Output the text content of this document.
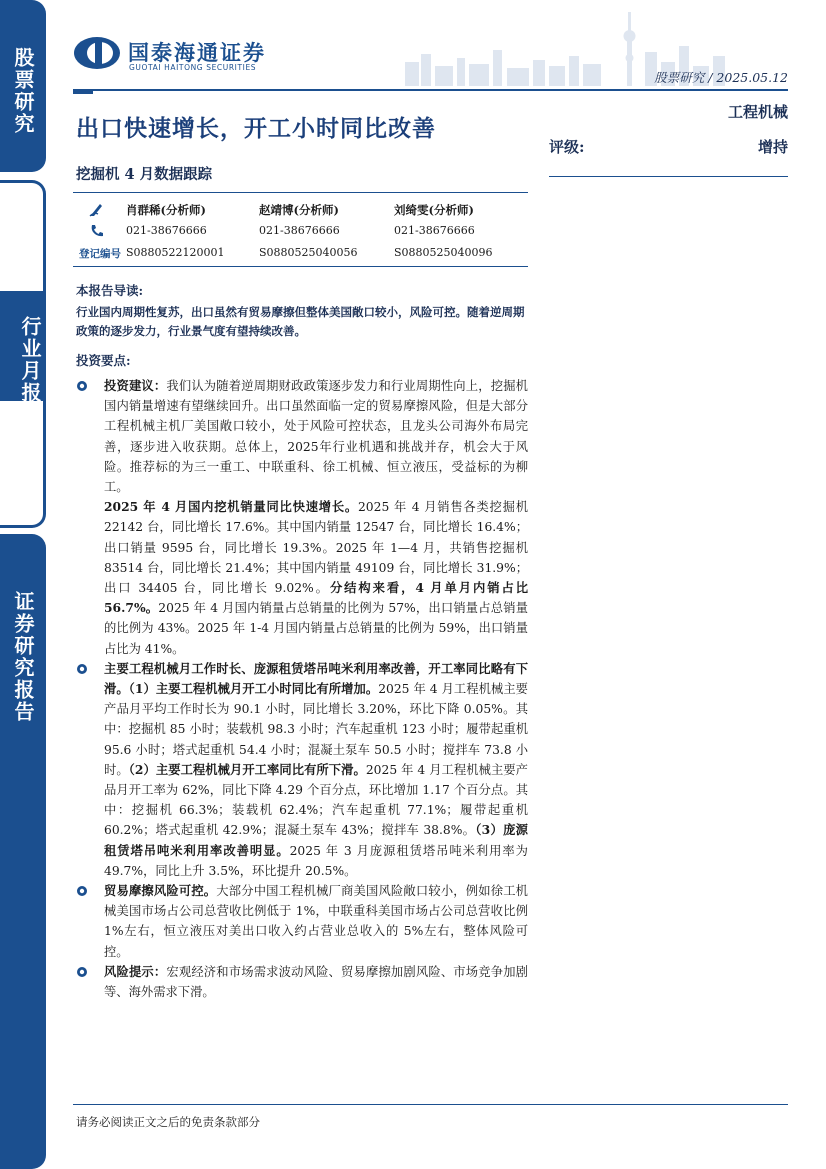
股票研究
行业月报
证券研究报告
国泰海通证券
GUOTAI HAITONG SECURITIES
股票研究 / 2025.05.12
工程机械
评级:	增持
出口快速增长，开工小时同比改善
挖掘机 4 月数据跟踪
肖群稀(分析师)	赵靖博(分析师)	刘绮雯(分析师)
021-38676666	021-38676666	021-38676666
登记编号 S0880522120001	S0880525040056	S0880525040096
本报告导读:
行业国内周期性复苏，出口虽然有贸易摩擦但整体美国敞口较小，风险可控。随着逆周期政策的逐步发力，行业景气度有望持续改善。
投资要点:
投资建议：我们认为随着逆周期财政政策逐步发力和行业周期性向上，挖掘机国内销量增速有望继续回升。出口虽然面临一定的贸易摩擦风险，但是大部分工程机械主机厂美国敞口较小，处于风险可控状态，且龙头公司海外布局完善，逐步进入收获期。总体上，2025年行业机遇和挑战并存，机会大于风险。推荐标的为三一重工、中联重科、徐工机械、恒立液压，受益标的为柳工。
2025 年 4 月国内挖机销量同比快速增长。2025 年 4 月销售各类挖掘机 22142 台，同比增长 17.6%。其中国内销量 12547 台，同比增长 16.4%；出口销量 9595 台，同比增长 19.3%。2025 年 1—4 月，共销售挖掘机 83514 台，同比增长 21.4%；其中国内销量 49109 台，同比增长 31.9%；出口 34405 台，同比增长 9.02%。分结构来看，4 月单月内销占比 56.7%。2025 年 4 月国内销量占总销量的比例为 57%，出口销量占总销量的比例为 43%。2025 年 1-4 月国内销量占总销量的比例为 59%，出口销量占比为 41%。
主要工程机械月工作时长、庞源租赁塔吊吨米利用率改善，开工率同比略有下滑。（1）主要工程机械月开工小时同比有所增加。2025 年 4 月工程机械主要产品月平均工作时长为 90.1 小时，同比增长 3.20%，环比下降 0.05%。其中：挖掘机 85 小时；装载机 98.3 小时；汽车起重机 123 小时；履带起重机 95.6 小时；塔式起重机 54.4 小时；混凝土泵车 50.5 小时；搅拌车 73.8 小时。（2）主要工程机械月开工率同比有所下滑。2025 年 4 月工程机械主要产品月开工率为 62%，同比下降 4.29 个百分点，环比增加 1.17 个百分点。其中：挖掘机 66.3%；装载机 62.4%；汽车起重机 77.1%；履带起重机 60.2%；塔式起重机 42.9%；混凝土泵车 43%；搅拌车 38.8%。（3）庞源租赁塔吊吨米利用率改善明显。2025 年 3 月庞源租赁塔吊吨米利用率为 49.7%，同比上升 3.5%，环比提升 20.5%。
贸易摩擦风险可控。大部分中国工程机械厂商美国风险敞口较小，例如徐工机械美国市场占公司总营收比例低于 1%，中联重科美国市场占公司总营收比例 1%左右，恒立液压对美出口收入约占营业总收入的 5%左右，整体风险可控。
风险提示：宏观经济和市场需求波动风险、贸易摩擦加剧风险、市场竞争加剧等、海外需求下滑。
请务必阅读正文之后的免责条款部分
